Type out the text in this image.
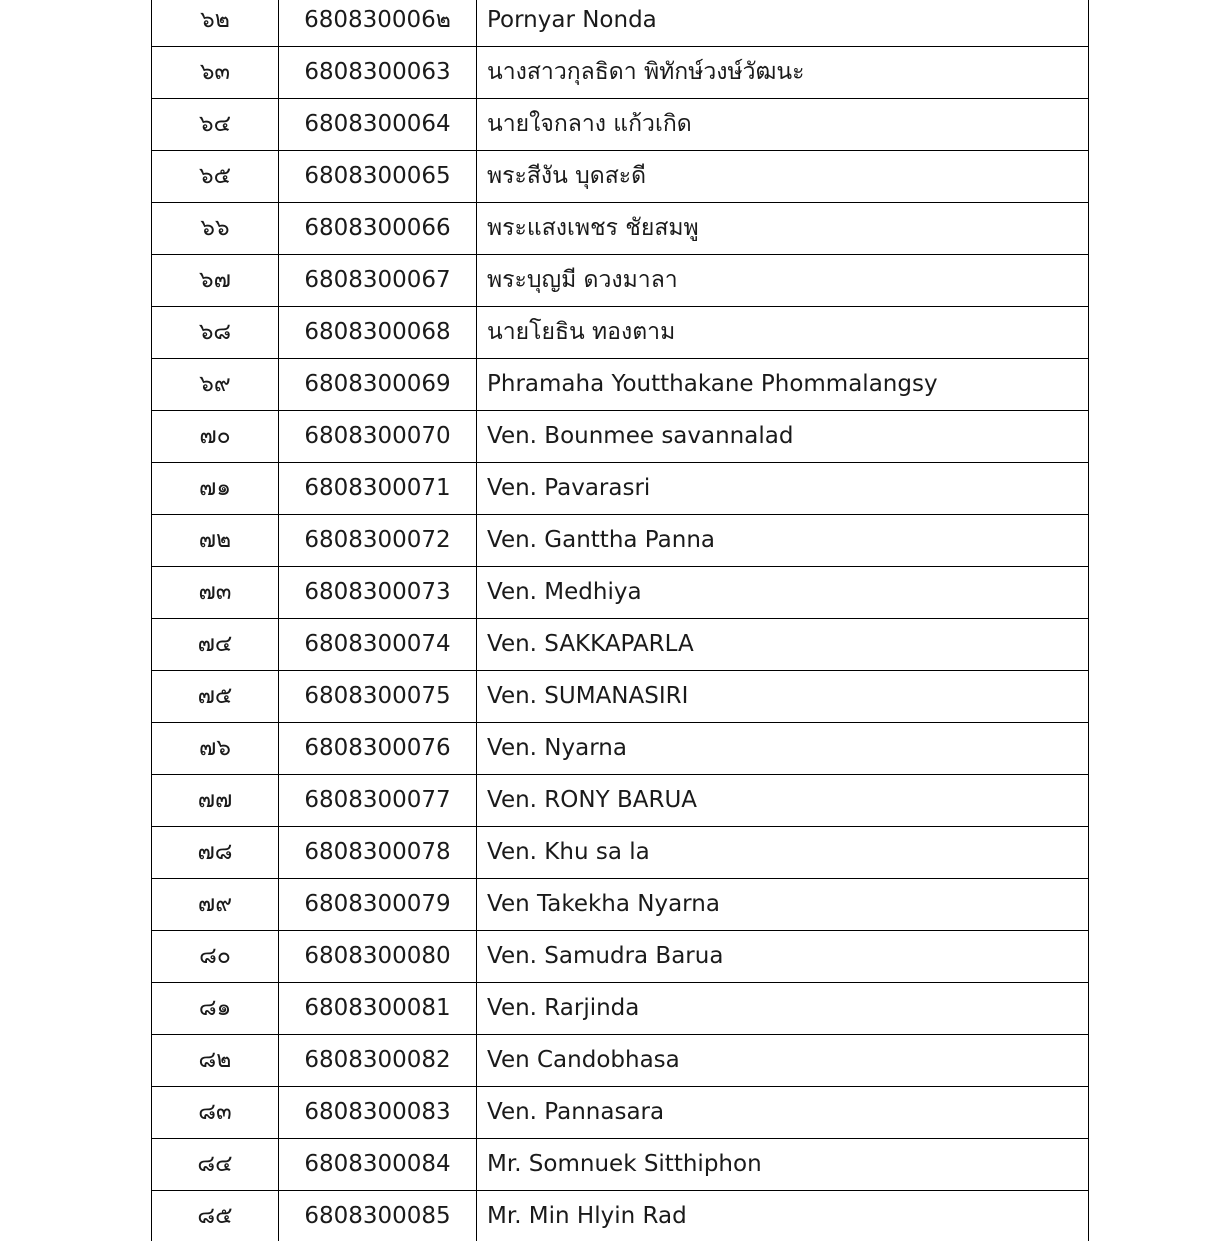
๖๒	680830006๒	Pornyar Nonda
๖๓	6808300063	นางสาวกุลธิดา พิทักษ์วงษ์วัฒนะ
๖๔	6808300064	นายใจกลาง แก้วเกิด
๖๕	6808300065	พระสีงัน บุดสะดี
๖๖	6808300066	พระแสงเพชร ชัยสมพู
๖๗	6808300067	พระบุญมี ดวงมาลา
๖๘	6808300068	นายโยธิน ทองตาม
๖๙	6808300069	Phramaha Youtthakane Phommalangsy
๗๐	6808300070	Ven. Bounmee savannalad
๗๑	6808300071	Ven. Pavarasri
๗๒	6808300072	Ven. Ganttha Panna
๗๓	6808300073	Ven. Medhiya
๗๔	6808300074	Ven. SAKKAPARLA
๗๕	6808300075	Ven. SUMANASIRI
๗๖	6808300076	Ven. Nyarna
๗๗	6808300077	Ven. RONY BARUA
๗๘	6808300078	Ven. Khu sa la
๗๙	6808300079	Ven Takekha Nyarna
๘๐	6808300080	Ven. Samudra Barua
๘๑	6808300081	Ven. Rarjinda
๘๒	6808300082	Ven Candobhasa
๘๓	6808300083	Ven. Pannasara
๘๔	6808300084	Mr. Somnuek Sitthiphon
๘๕	6808300085	Mr. Min Hlyin Rad
